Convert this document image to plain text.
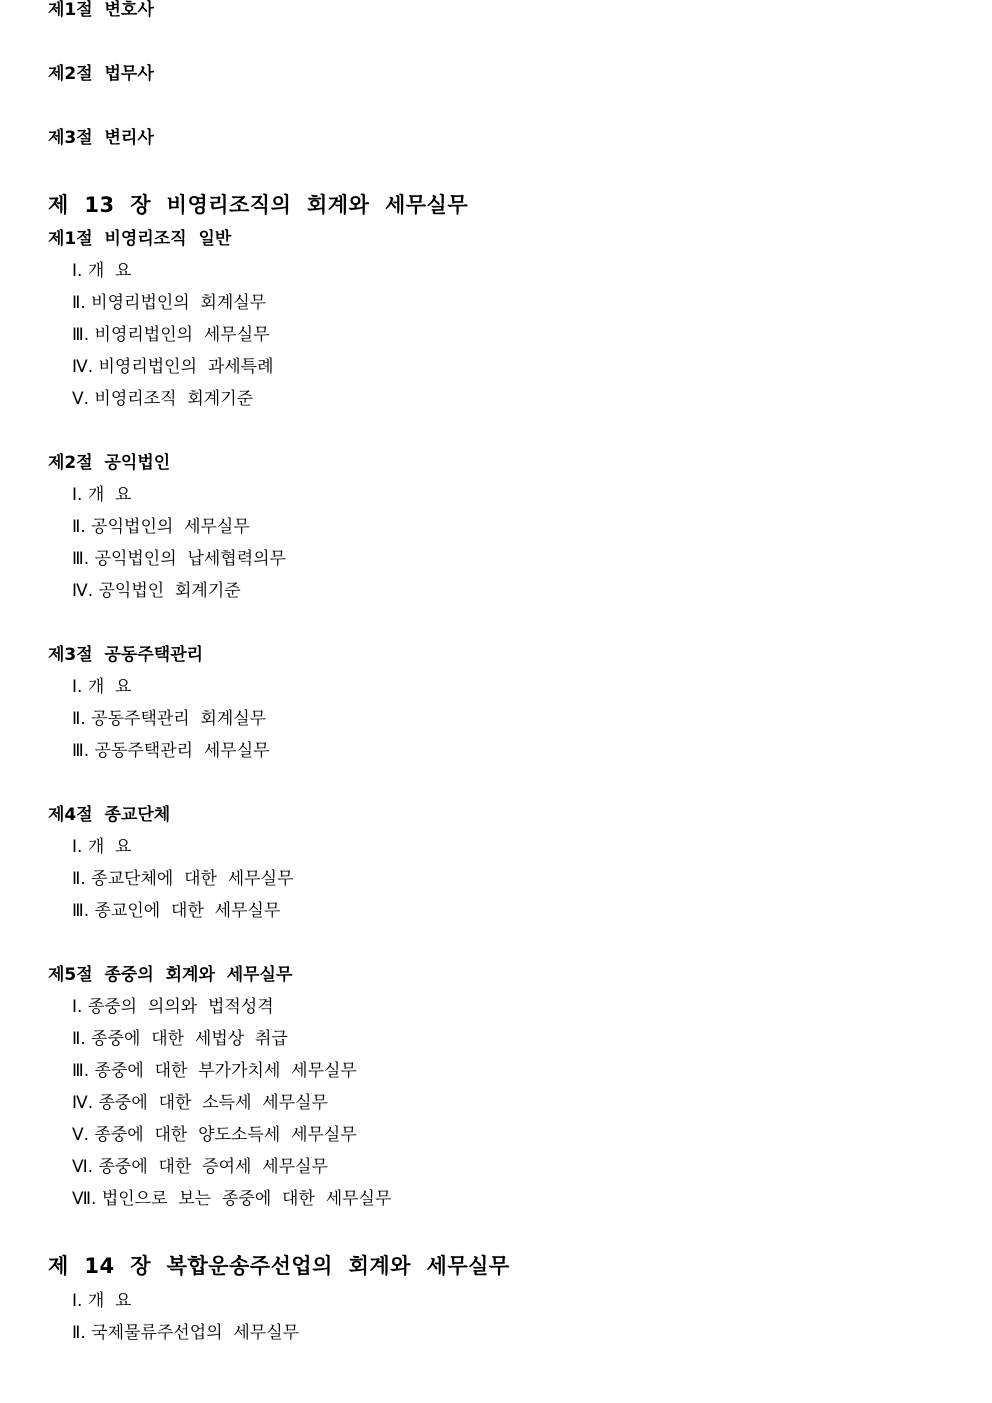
제1절  변호사
제2절  법무사
제3절  변리사
제  13  장  비영리조직의  회계와  세무실무
제1절  비영리조직  일반
Ⅰ. 개  요
Ⅱ. 비영리법인의  회계실무
Ⅲ. 비영리법인의  세무실무
Ⅳ. 비영리법인의  과세특례
Ⅴ. 비영리조직  회계기준
제2절  공익법인
Ⅰ. 개  요
Ⅱ. 공익법인의  세무실무
Ⅲ. 공익법인의  납세협력의무
Ⅳ. 공익법인  회계기준
제3절  공동주택관리
Ⅰ. 개  요
Ⅱ. 공동주택관리  회계실무
Ⅲ. 공동주택관리  세무실무
제4절  종교단체
Ⅰ. 개  요
Ⅱ. 종교단체에  대한  세무실무
Ⅲ. 종교인에  대한  세무실무
제5절  종중의  회계와  세무실무
Ⅰ. 종중의  의의와  법적성격
Ⅱ. 종중에  대한  세법상  취급
Ⅲ. 종중에  대한  부가가치세  세무실무
Ⅳ. 종중에  대한  소득세  세무실무
Ⅴ. 종중에  대한  양도소득세  세무실무
Ⅵ. 종중에  대한  증여세  세무실무
Ⅶ. 법인으로  보는  종중에  대한  세무실무
제  14  장  복합운송주선업의  회계와  세무실무
Ⅰ. 개  요
Ⅱ. 국제물류주선업의  세무실무
